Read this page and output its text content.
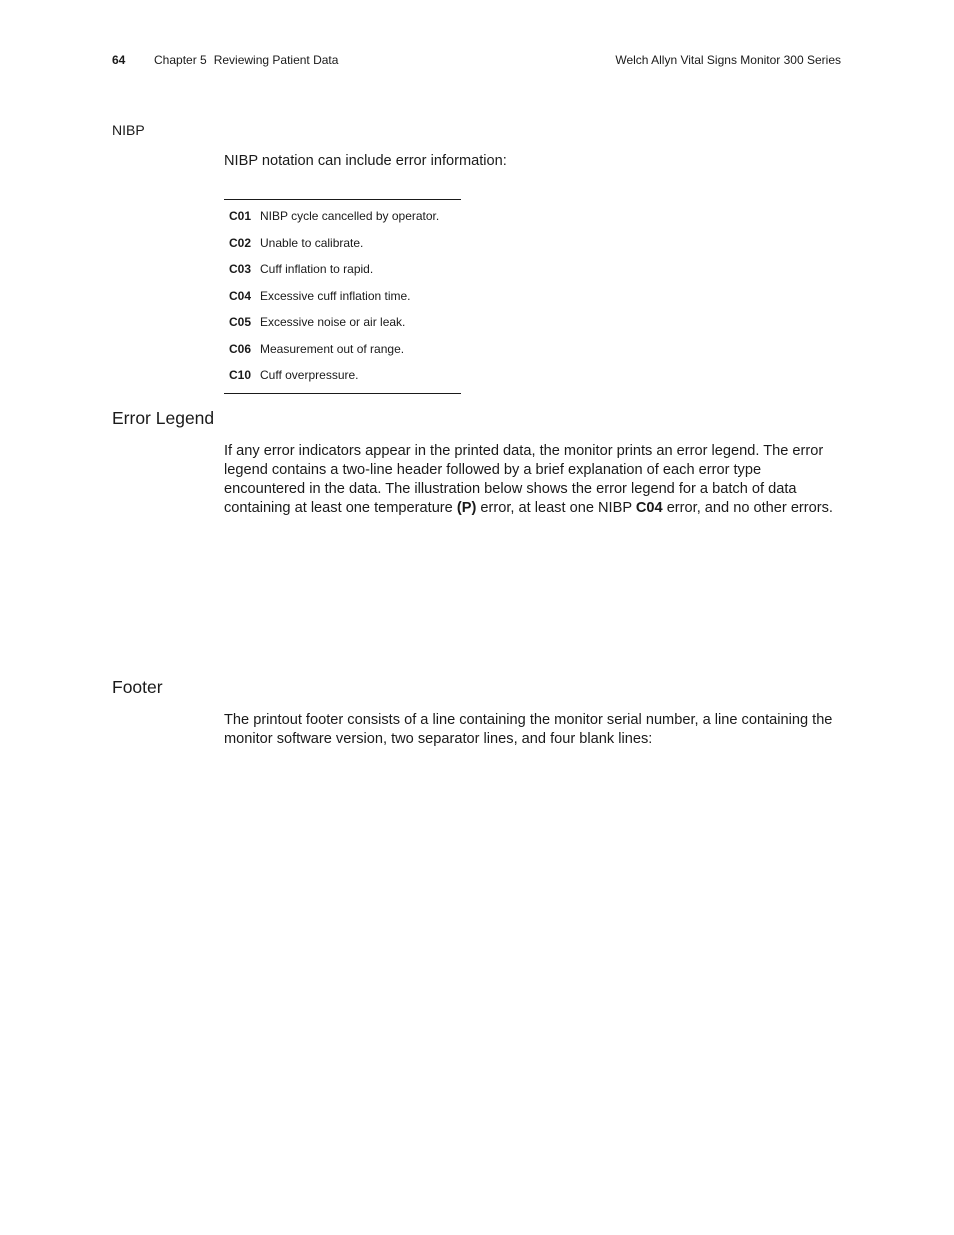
64 Chapter 5 Reviewing Patient Data	Welch Allyn Vital Signs Monitor 300 Series
NIBP
NIBP notation can include error information:
C01 NIBP cycle cancelled by operator.
C02 Unable to calibrate.
C03 Cuff inflation to rapid.
C04 Excessive cuff inflation time.
C05 Excessive noise or air leak.
C06 Measurement out of range.
C10 Cuff overpressure.
Error Legend
If any error indicators appear in the printed data, the monitor prints an error legend. The error legend contains a two-line header followed by a brief explanation of each error type encountered in the data. The illustration below shows the error legend for a batch of data containing at least one temperature (P) error, at least one NIBP C04 error, and no other errors.
Footer
The printout footer consists of a line containing the monitor serial number, a line containing the monitor software version, two separator lines, and four blank lines:
